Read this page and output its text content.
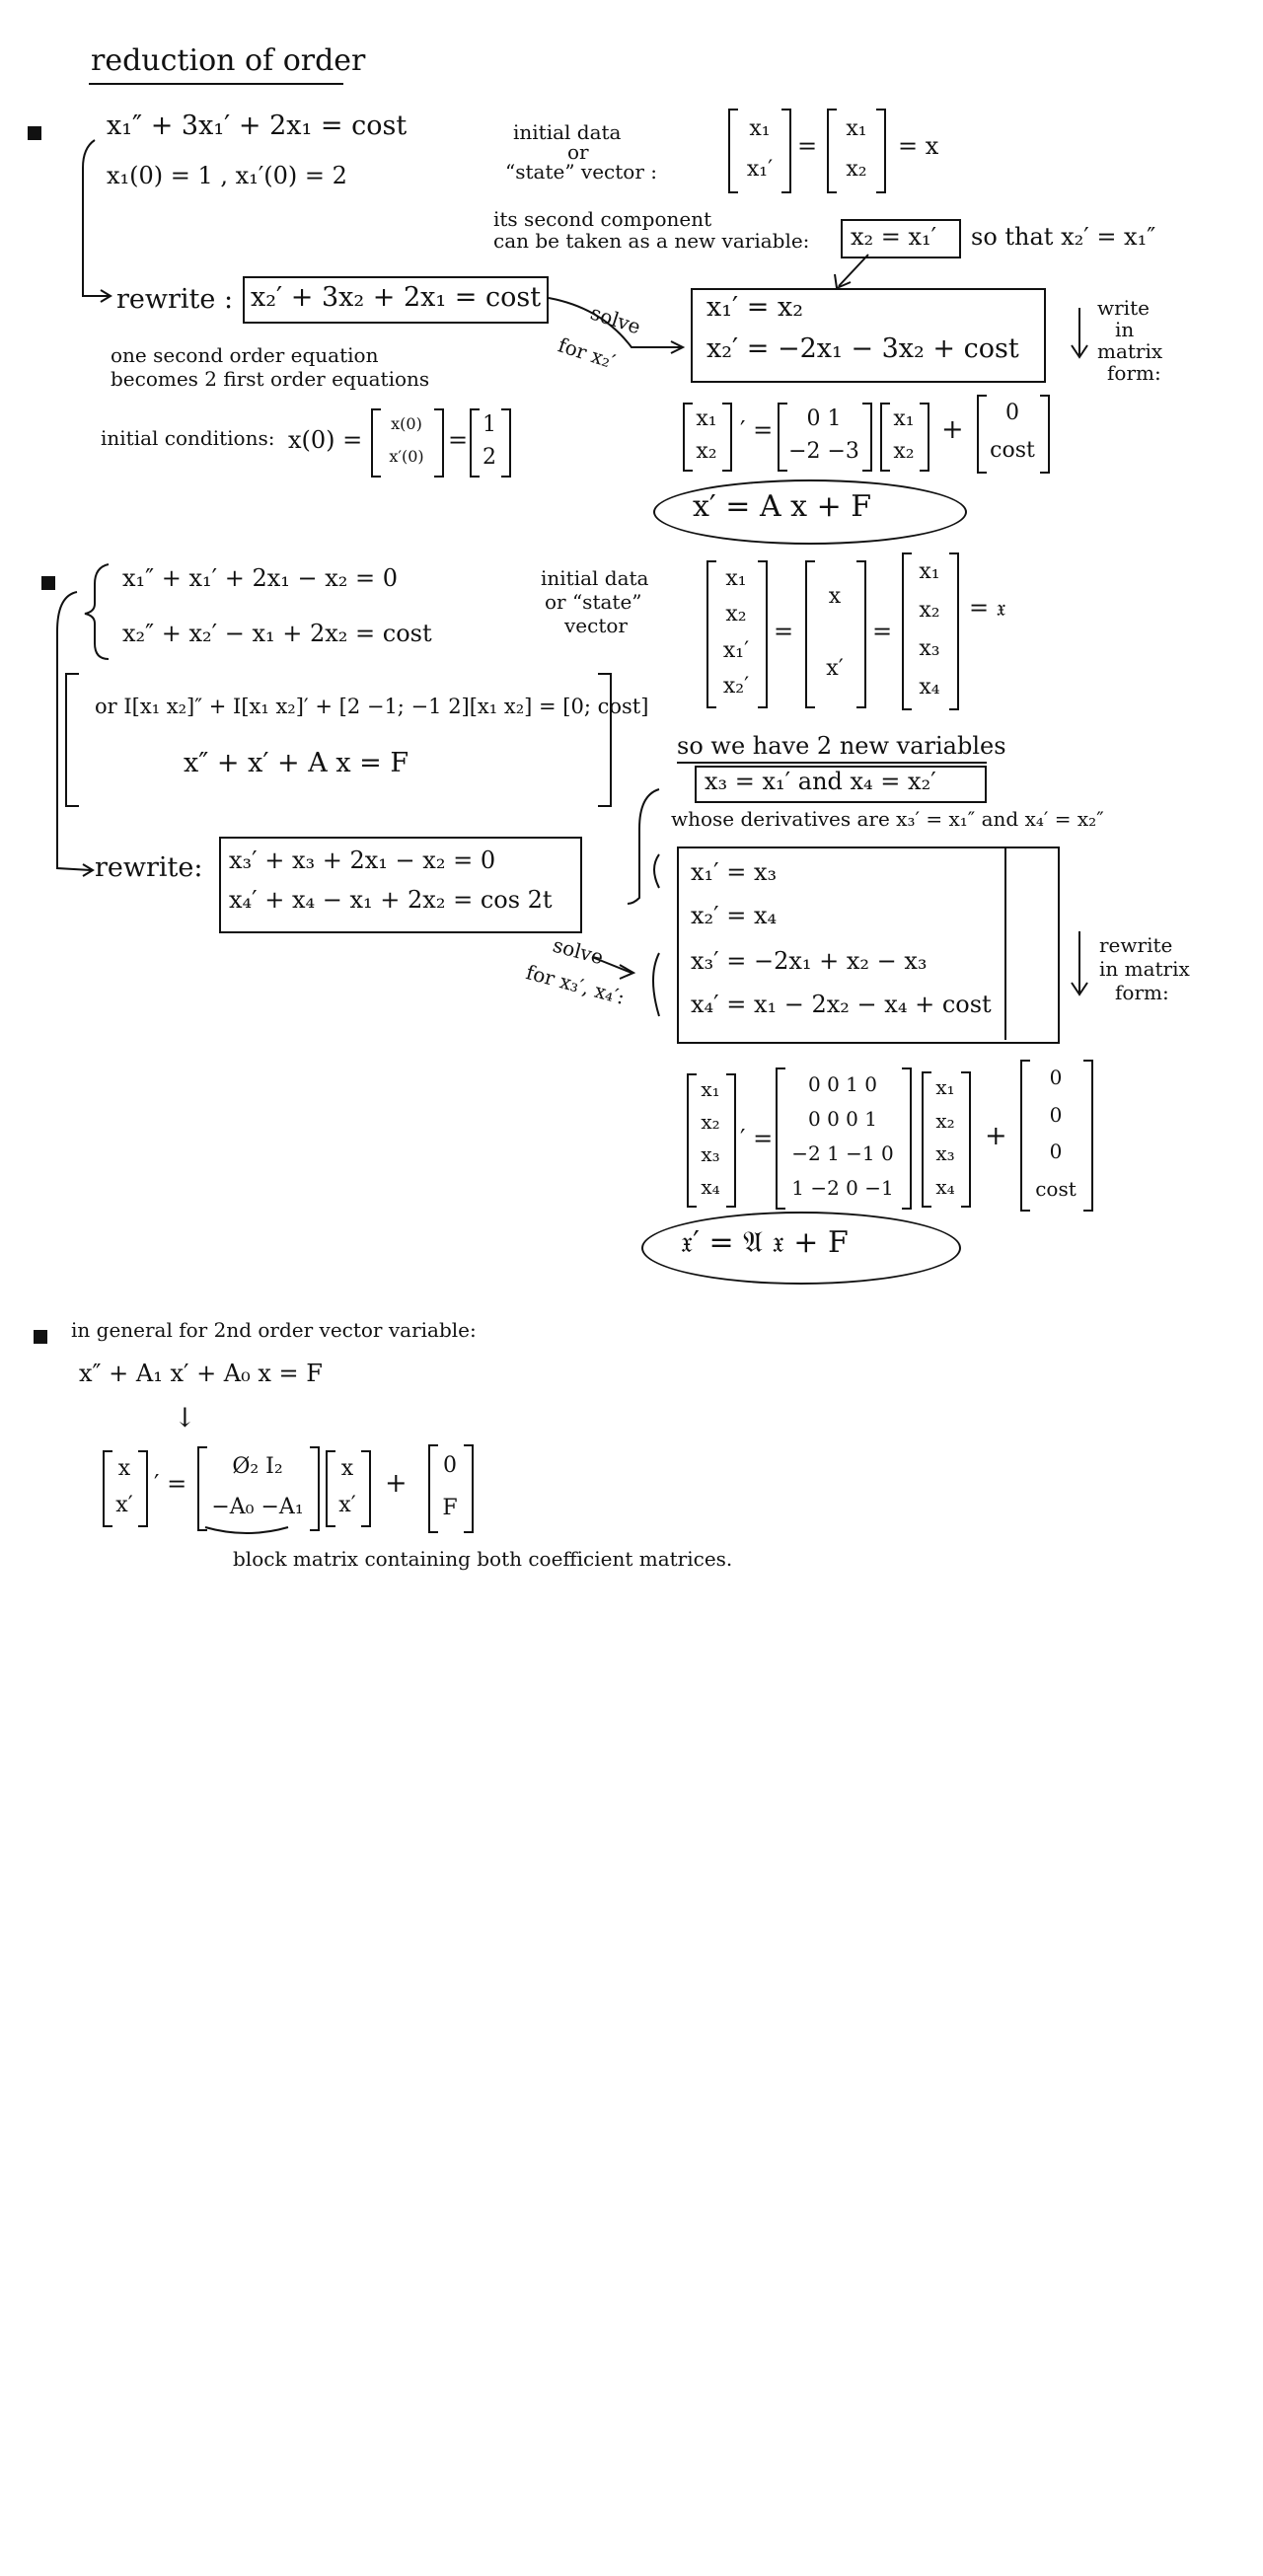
reduction of order
x₁″ + 3x₁′ + 2x₁ = cost
x₁(0) = 1 , x₁′(0) = 2
initial data
or
“state” vector :
x₁
x₁′
=
x₁
x₂
= x
its second component
can be taken as a new variable: x₂ = x₁′ so that x₂′ = x₁″
rewrite : x₂′ + 3x₂ + 2x₁ = cost
solve
for x₂′
x₁′ = x₂
x₂′ = −2x₁ − 3x₂ + cost
write
in
matrix
form:
one second order equation
becomes 2 first order equations
initial conditions: x(0) =
x(0)
x′(0)
=
1
2
x₁
x₂
′ =	0 1
−2 −3
x₁
x₂
+
0
cost
x′ = A x + F
x₁″ + x₁′ + 2x₁ − x₂ = 0
x₂″ + x₂′ − x₁ + 2x₂ = cost
initial data
or “state”
vector
x₁
x₂
x₁′
x₂′
=
x
x′
=
x₁
x₂
x₃
x₄
= 𝔵
or I[x₁ x₂]″ + I[x₁ x₂]′ + [2 −1; −1 2][x₁ x₂] = [0; cost]
x″ + x′ + A x = F
so we have 2 new variables
x₃ = x₁′ and x₄ = x₂′
whose derivatives are x₃′ = x₁″ and x₄′ = x₂″
rewrite: x₃′ + x₃ + 2x₁ − x₂ = 0
x₄′ + x₄ − x₁ + 2x₂ = cos 2t
solve
for x₃′, x₄′:
x₁′ = x₃
x₂′ = x₄
x₃′ = −2x₁ + x₂ − x₃
x₄′ = x₁ − 2x₂ − x₄ + cost
rewrite
in matrix
form:
x₁
x₂
x₃
x₄
′ =
0 0 1 0
0 0 0 1
−2 1 −1 0
1 −2 0 −1
x₁
x₂
x₃
x₄
+
0
0
0
cost
𝔵′ = 𝔄 𝔵 + F
in general for 2nd order vector variable:
x″ + A₁ x′ + A₀ x = F
↓
x
x′
′ =
Ø₂ I₂
−A₀ −A₁
x
x′
+
0
F
block matrix containing both coefficient matrices.
